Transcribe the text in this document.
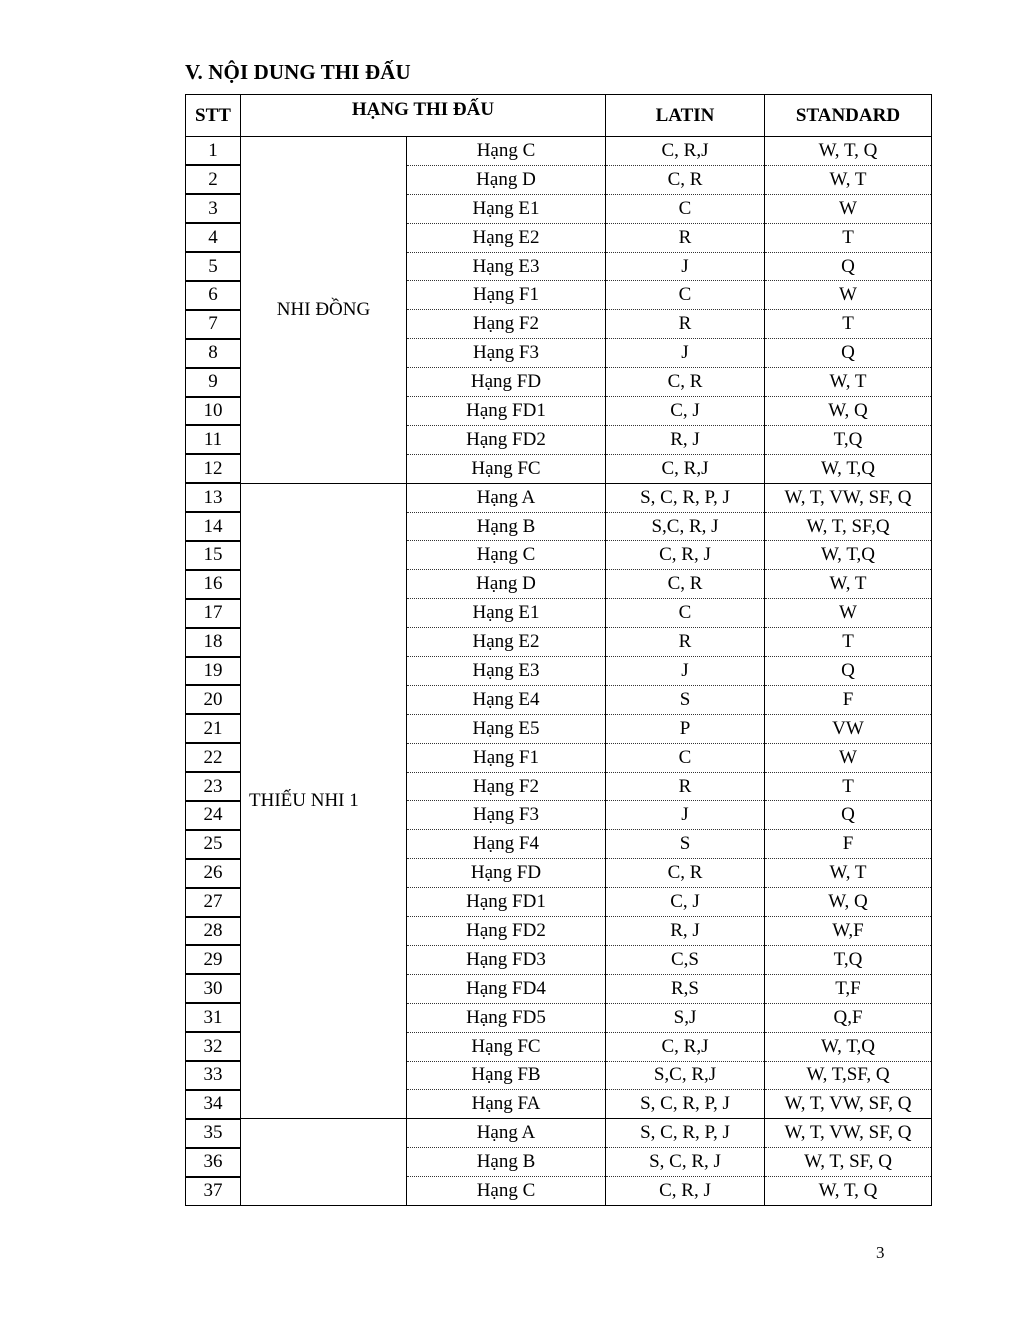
V. NỘI DUNG THI ĐẤU
STT	HẠNG THI ĐẤU		LATIN	STANDARD
1	NHI ĐỒNG	Hạng C	C, R,J	W, T, Q
2		Hạng D	C, R	W, T
3		Hạng E1	C	W
4		Hạng E2	R	T
5		Hạng E3	J	Q
6		Hạng F1	C	W
7		Hạng F2	R	T
8		Hạng F3	J	Q
9		Hạng FD	C, R	W, T
10		Hạng FD1	C, J	W, Q
11		Hạng FD2	R, J	T,Q
12		Hạng FC	C, R,J	W, T,Q
13	THIẾU NHI 1	Hạng A	S, C, R, P, J	W, T, VW, SF, Q
14		Hạng B	S,C, R, J	W, T, SF,Q
15		Hạng C	C, R, J	W, T,Q
16		Hạng D	C, R	W, T
17		Hạng E1	C	W
18		Hạng E2	R	T
19		Hạng E3	J	Q
20		Hạng E4	S	F
21		Hạng E5	P	VW
22		Hạng F1	C	W
23		Hạng F2	R	T
24		Hạng F3	J	Q
25		Hạng F4	S	F
26		Hạng FD	C, R	W, T
27		Hạng FD1	C, J	W, Q
28		Hạng FD2	R, J	W,F
29		Hạng FD3	C,S	T,Q
30		Hạng FD4	R,S	T,F
31		Hạng FD5	S,J	Q,F
32		Hạng FC	C, R,J	W, T,Q
33		Hạng FB	S,C, R,J	W, T,SF, Q
34		Hạng FA	S, C, R, P, J	W, T, VW, SF, Q
35		Hạng A	S, C, R, P, J	W, T, VW, SF, Q
36		Hạng B	S, C, R, J	W, T, SF, Q
37		Hạng C	C, R, J	W, T, Q
3
